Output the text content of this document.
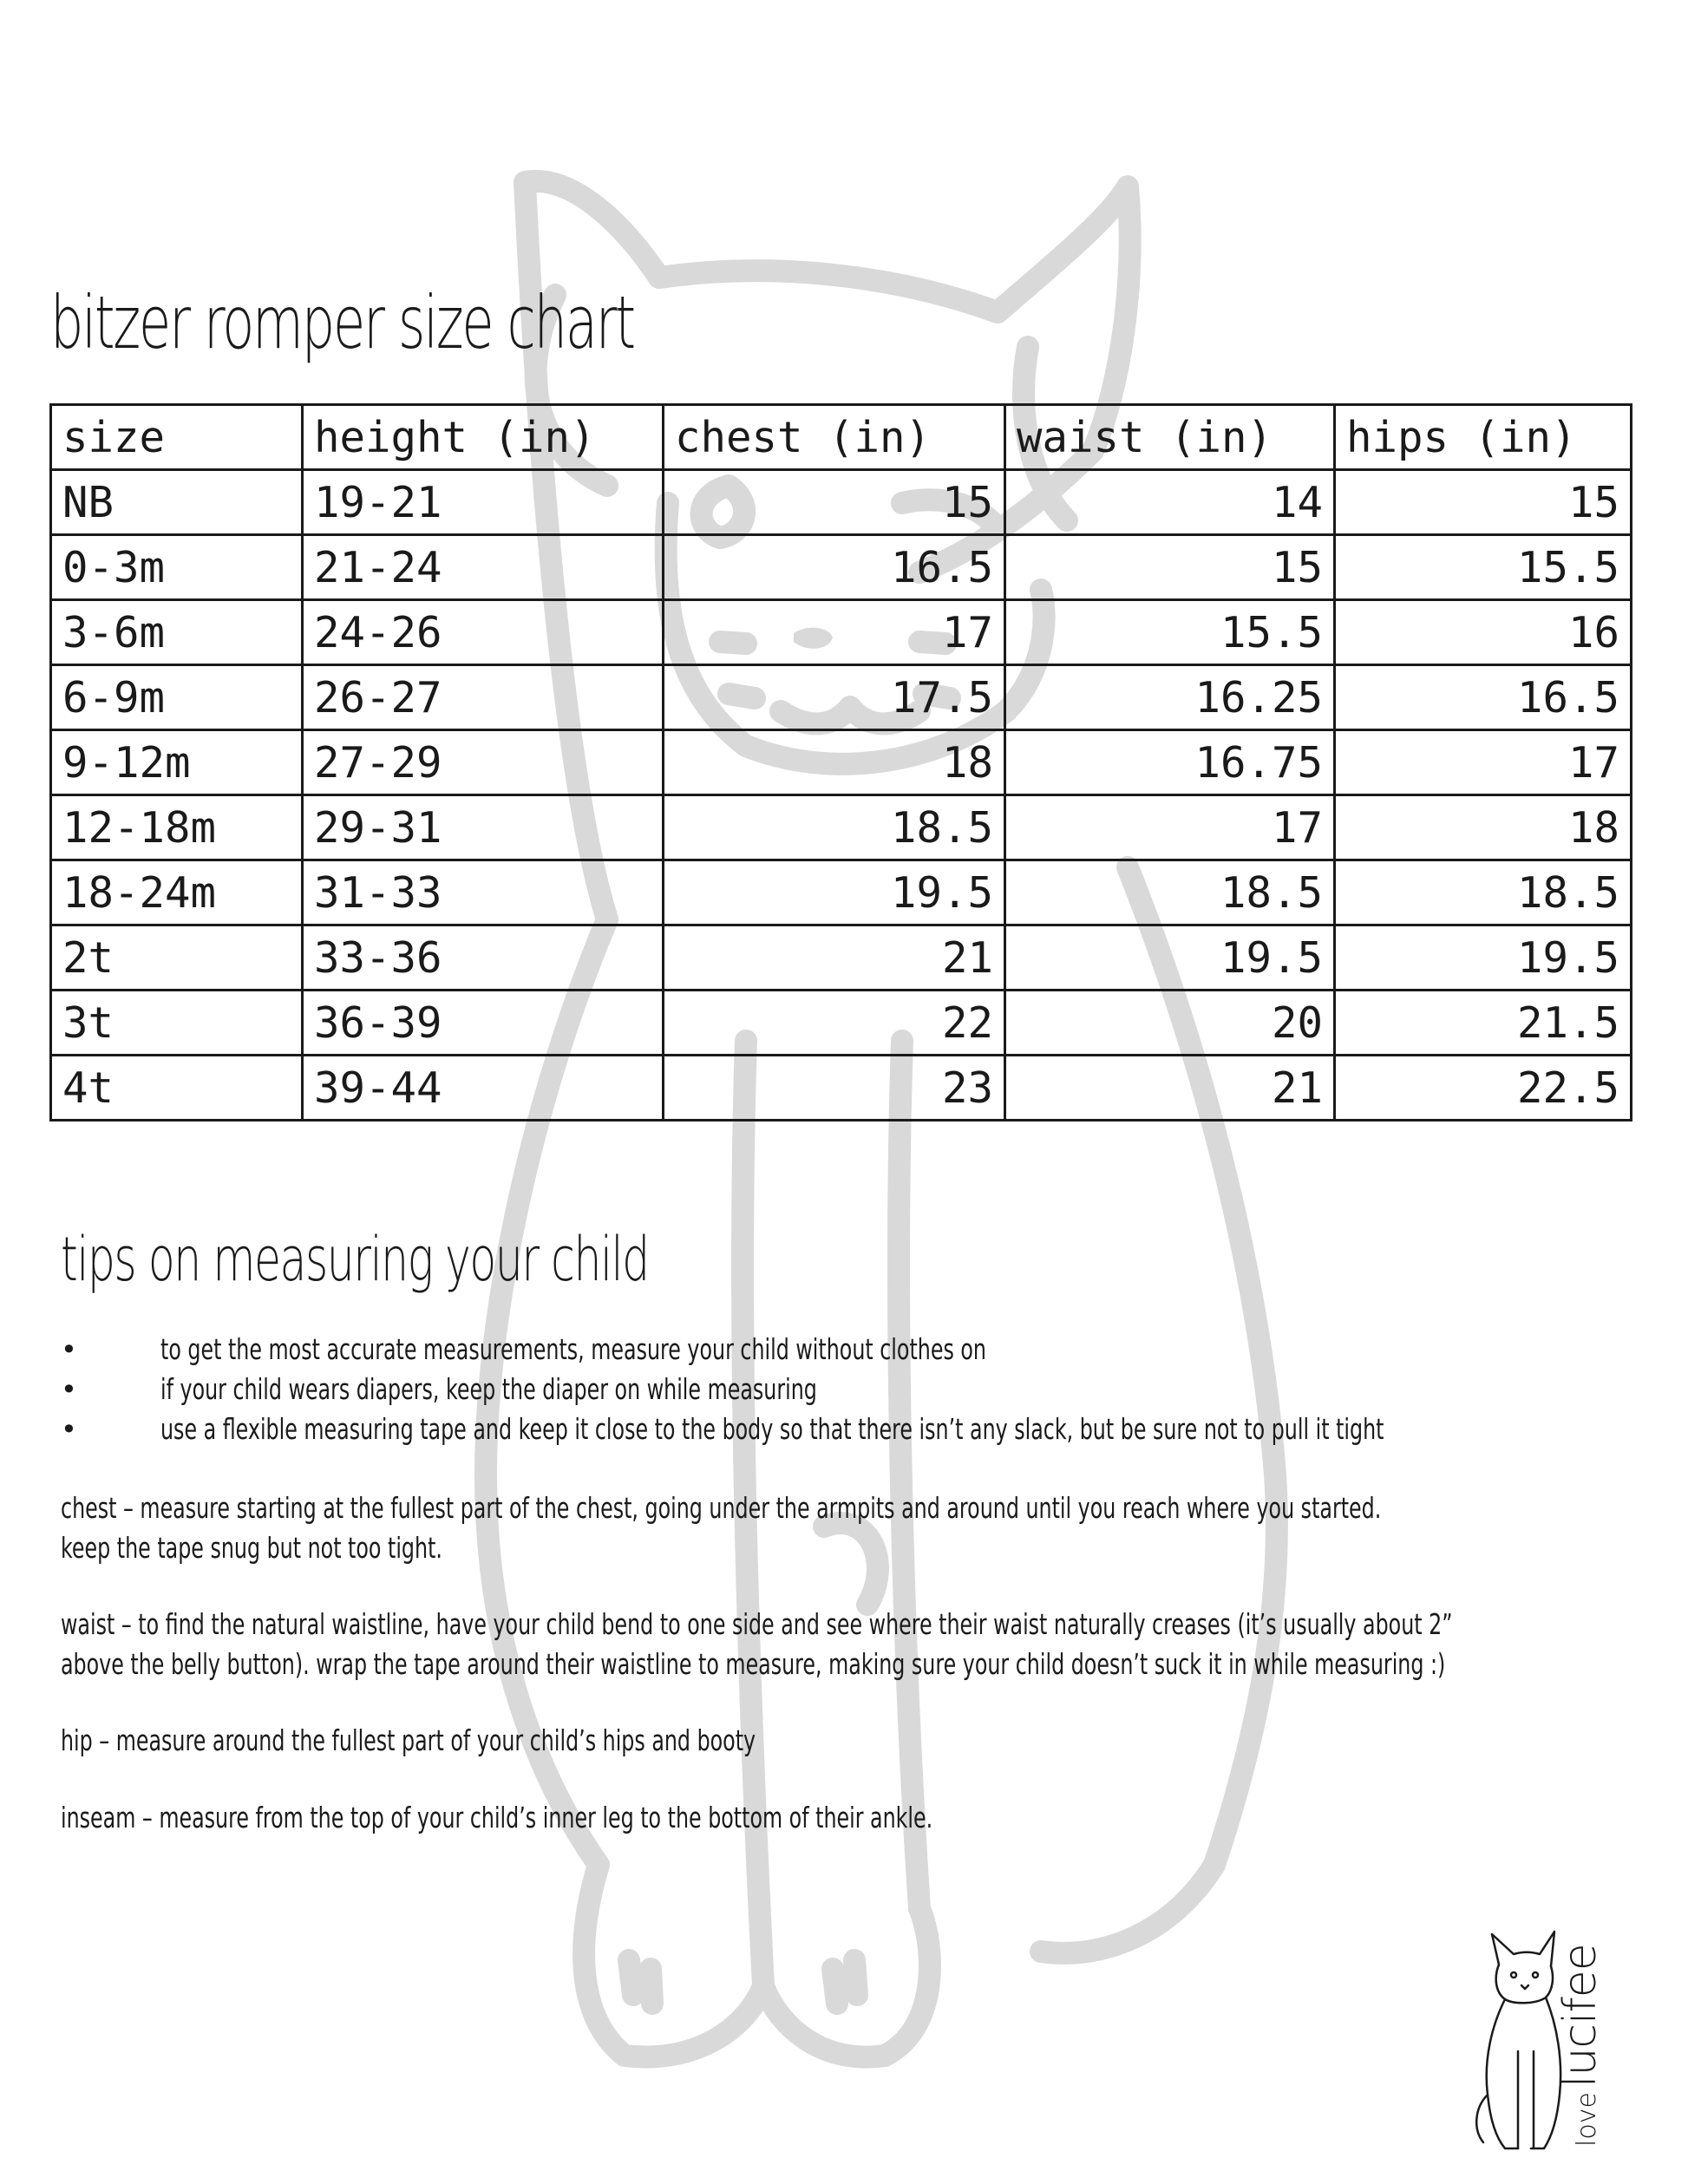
bitzer romper size chart
size	height (in)	chest (in)	waist (in)	hips (in)
NB	19-21	15	14	15
0-3m	21-24	16.5	15	15.5
3-6m	24-26	17	15.5	16
6-9m	26-27	17.5	16.25	16.5
9-12m	27-29	18	16.75	17
12-18m	29-31	18.5	17	18
18-24m	31-33	19.5	18.5	18.5
2t	33-36	21	19.5	19.5
3t	36-39	22	20	21.5
4t	39-44	23	21	22.5
tips on measuring your child
•	to get the most accurate measurements, measure your child without clothes on
•	if your child wears diapers, keep the diaper on while measuring
•	use a flexible measuring tape and keep it close to the body so that there isn’t any slack, but be sure not to pull it tight
chest – measure starting at the fullest part of the chest, going under the armpits and around until you reach where you started.
keep the tape snug but not too tight.
waist – to find the natural waistline, have your child bend to one side and see where their waist naturally creases (it’s usually about 2”
above the belly button). wrap the tape around their waistline to measure, making sure your child doesn’t suck it in while measuring :)
hip – measure around the fullest part of your child’s hips and booty
inseam – measure from the top of your child’s inner leg to the bottom of their ankle.
love lucifee
